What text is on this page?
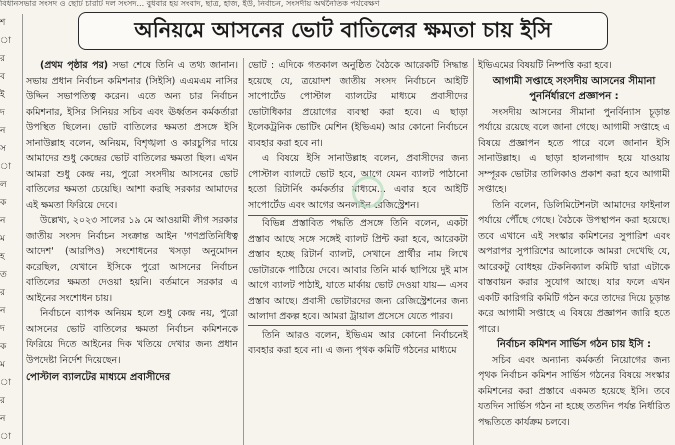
বিধানসভার সংসদ ও ছোট চারটি দল সংসদ... বুধবার হয় সংবাদ, ছাত্র, হাজ, ইউ, নির্বাচন, সংসদীয় অর্থনৈতিক পর্যবেক্ষণ
শ
া
র
ব
ই
দ
ন
স
া
ল
ক
ন
ম
হ
ত
র
ন
দ
ক
ম
া
র
ন
া
অনিয়মে আসনের ভোট বাতিলের ক্ষমতা চায় ইসি

(প্রথম পৃষ্ঠার পর) সভা শেষে তিনি এ তথ্য জানান। সভায় প্রধান নির্বাচন কমিশনার (সিইসি) এএমএম নাসির উদ্দিন সভাপতিত্ব করেন। এতে অন্য চার নির্বাচন কমিশনার, ইসির সিনিয়র সচিব এবং ঊর্ধ্বতন কর্মকর্তারা উপস্থিত ছিলেন। ভোট বাতিলের ক্ষমতা প্রসঙ্গে ইসি সানাউল্লাহ বলেন, অনিয়ম, বিশৃঙ্খলা ও কারচুপির দায়ে আমাদের শুধু কেন্দ্রের ভোট বাতিলের ক্ষমতা ছিল। এখন আমরা শুধু কেন্দ্র নয়, পুরো সংসদীয় আসনের ভোট বাতিলের ক্ষমতা চেয়েছি। আশা করছি সরকার আমাদের এই ক্ষমতা ফিরিয়ে দেবে।

উল্লেখ্য, ২০২৩ সালের ১৯ মে আওয়ামী লীগ সরকার জাতীয় সংসদ নির্বাচন সংক্রান্ত আইন 'গণপ্রতিনিধিত্ব আদেশ' (আরপিও) সংশোধনের খসড়া অনুমোদন করেছিল, যেখানে ইসিকে পুরো আসনের নির্বাচন বাতিলের ক্ষমতা দেওয়া হয়নি। বর্তমানে সরকার এ আইনের সংশোধন চায়।

নির্বাচনে ব্যাপক অনিয়ম হলে শুধু কেন্দ্র নয়, পুরো আসনের ভোট বাতিলের ক্ষমতা নির্বাচন কমিশনকে ফিরিয়ে দিতে আইনের দিক খতিয়ে দেখার জন্য প্রধান উপদেষ্টা নির্দেশ দিয়েছেন।

পোস্টাল ব্যালটের মাধ্যমে প্রবাসীদের

ভোট : এদিকে গতকাল অনুষ্ঠিত বৈঠকে আরেকটি সিদ্ধান্ত হয়েছে যে, ত্রয়োদশ জাতীয় সংসদ নির্বাচনে আইটি সাপোর্টেড পোস্টাল ব্যালটের মাধ্যমে প্রবাসীদের ভোটাধিকার প্রয়োগের ব্যবস্থা করা হবে। এ ছাড়া ইলেকট্রনিক ভোটিং মেশিন (ইভিএম) আর কোনো নির্বাচনে ব্যবহার করা হবে না।

এ বিষয়ে ইসি সানাউল্লাহ বলেন, প্রবাসীদের জন্য পোস্টাল ব্যালটে ভোট হবে, আগে যেমন ব্যালট পাঠানো হতো রিটার্নিং কর্মকর্তার মাধ্যমে... এবার হবে আইটি সাপোর্টেড এবং আগের অনলাইন রেজিস্ট্রেশন।

বিভিন্ন প্রস্তাবিত পদ্ধতি প্রসঙ্গে তিনি বলেন, একটা প্রস্তাব আছে সঙ্গে সঙ্গেই ব্যালট প্রিন্ট করা হবে, আরেকটা প্রস্তাব হচ্ছে রিটার্ন ব্যালট, সেখানে প্রার্থীর নাম লিখে ভোটারকে পাঠিয়ে দেবে। আবার তিনি মার্ক ছাপিয়ে দুই মাস আগে ব্যালট পাঠাই, যাতে মার্কায় ভোট দেওয়া যায়— এসব প্রস্তাব আছে। প্রবাসী ভোটারদের জন্য রেজিস্ট্রেশনের জন্য আলাদা প্রকল্প হবে। আমরা ট্রায়াল প্রসেসে যেতে পারব।

তিনি আরও বলেন, ইভিএম আর কোনো নির্বাচনেই ব্যবহার করা হবে না। এ জন্য পৃথক কমিটি গঠনের মাধ্যমে

ইভিএমের বিষয়টি নিষ্পত্তি করা হবে।

আগামী সপ্তাহে সংসদীয় আসনের সীমানা পুনর্নির্ধারণে প্রজ্ঞাপন :

সংসদীয় আসনের সীমানা পুনর্বিন্যাস চূড়ান্ত পর্যায়ে রয়েছে বলে জানা গেছে। আগামী সপ্তাহে এ বিষয়ে প্রজ্ঞাপন হতে পারে বলে জানান ইসি সানাউল্লাহ। এ ছাড়া হালনাগাদ হয়ে যাওয়ায় সম্পূরক ভোটার তালিকাও প্রকাশ করা হবে আগামী সপ্তাহে।

তিনি বলেন, ডিলিমিটেশনটা আমাদের ফাইনাল পর্যায়ে পৌঁছে গেছে। বৈঠকে উপস্থাপন করা হয়েছে। তবে এখানে এই সংস্কার কমিশনের সুপারিশ এবং অপরাপর সুপারিশের আলোকে আমরা দেখেছি যে, আরেকটু বোধহয় টেকনিক্যাল কমিটি দ্বারা এটাকে বাস্তবায়ন করার সুযোগ আছে। যার ফলে এখন একটি কারিগরি কমিটি গঠন করে তাদের দিয়ে চূড়ান্ত করে আগামী সপ্তাহে এ বিষয়ে প্রজ্ঞাপন জারি হতে পারে।

নির্বাচন কমিশন সার্ভিস গঠন চায় ইসি :

সচিব এবং অন্যান্য কর্মকর্তা নিয়োগের জন্য পৃথক নির্বাচন কমিশন সার্ভিস গঠনের বিষয়ে সংস্কার কমিশনের করা প্রস্তাবে একমত হয়েছে ইসি। তবে যতদিন সার্ভিস গঠন না হচ্ছে ততদিন পর্যন্ত নির্ধারিত পদ্ধতিতে কার্যক্রম চলবে।
